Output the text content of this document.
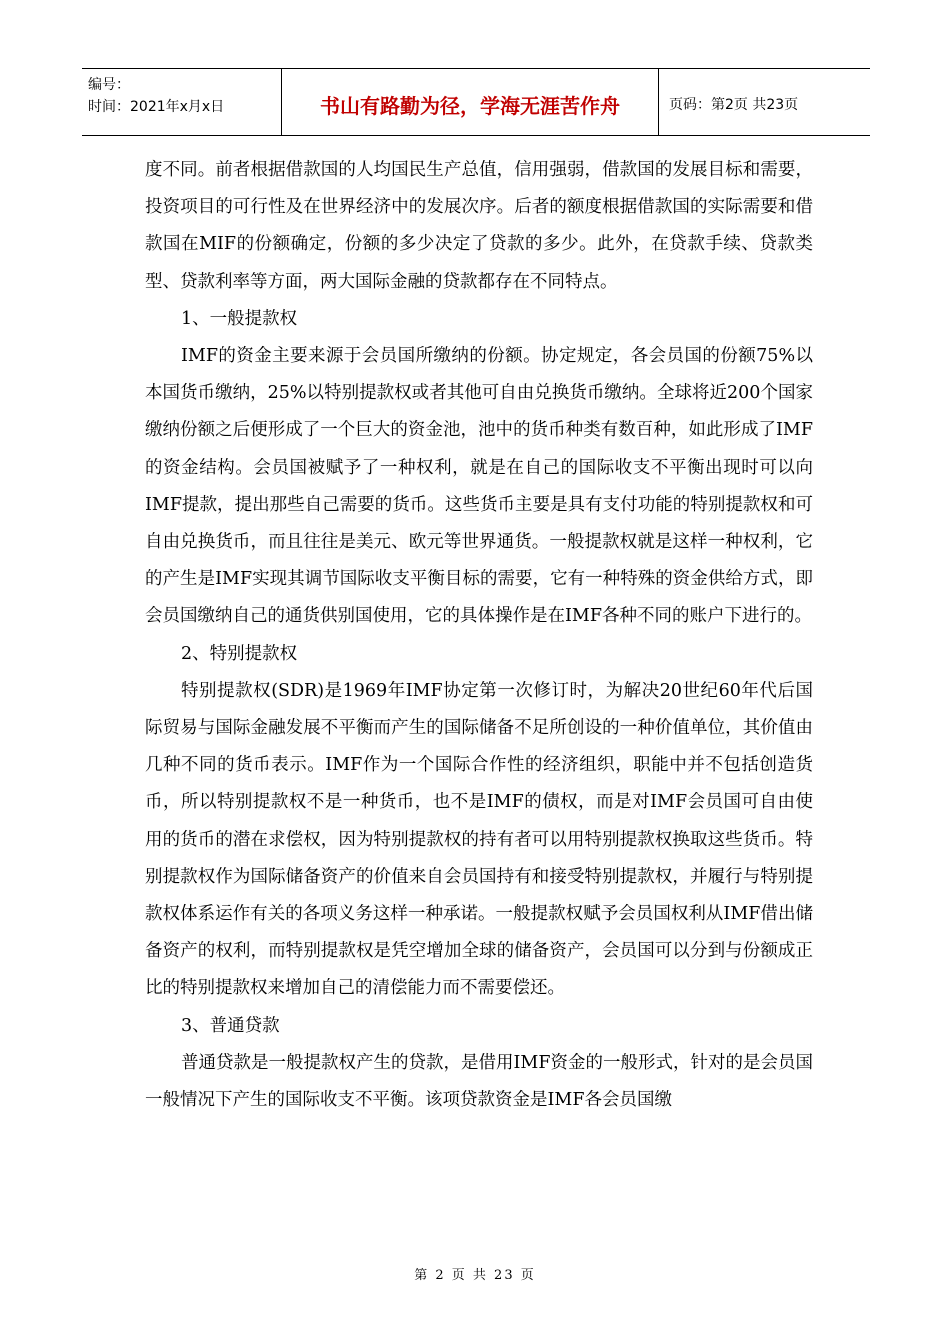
编号：
时间：2021年x月x日	书山有路勤为径，学海无涯苦作舟	页码：第2页 共23页

度不同。前者根据借款国的人均国民生产总值，信用强弱，借款国的发展目标和需要，投资项目的可行性及在世界经济中的发展次序。后者的额度根据借款国的实际需要和借款国在MIF的份额确定，份额的多少决定了贷款的多少。此外，在贷款手续、贷款类型、贷款利率等方面，两大国际金融的贷款都存在不同特点。

1、一般提款权

IMF的资金主要来源于会员国所缴纳的份额。协定规定，各会员国的份额75%以本国货币缴纳，25%以特别提款权或者其他可自由兑换货币缴纳。全球将近200个国家缴纳份额之后便形成了一个巨大的资金池，池中的货币种类有数百种，如此形成了IMF的资金结构。会员国被赋予了一种权利，就是在自己的国际收支不平衡出现时可以向IMF提款，提出那些自己需要的货币。这些货币主要是具有支付功能的特别提款权和可自由兑换货币，而且往往是美元、欧元等世界通货。一般提款权就是这样一种权利，它的产生是IMF实现其调节国际收支平衡目标的需要，它有一种特殊的资金供给方式，即会员国缴纳自己的通货供别国使用，它的具体操作是在IMF各种不同的账户下进行的。

2、特别提款权

特别提款权(SDR)是1969年IMF协定第一次修订时，为解决20世纪60年代后国际贸易与国际金融发展不平衡而产生的国际储备不足所创设的一种价值单位，其价值由几种不同的货币表示。IMF作为一个国际合作性的经济组织，职能中并不包括创造货币，所以特别提款权不是一种货币，也不是IMF的债权，而是对IMF会员国可自由使用的货币的潜在求偿权，因为特别提款权的持有者可以用特别提款权换取这些货币。特别提款权作为国际储备资产的价值来自会员国持有和接受特别提款权，并履行与特别提款权体系运作有关的各项义务这样一种承诺。一般提款权赋予会员国权利从IMF借出储备资产的权利，而特别提款权是凭空增加全球的储备资产，会员国可以分到与份额成正比的特别提款权来增加自己的清偿能力而不需要偿还。

3、普通贷款

普通贷款是一般提款权产生的贷款，是借用IMF资金的一般形式，针对的是会员国一般情况下产生的国际收支不平衡。该项贷款资金是IMF各会员国缴

第 2 页 共 23 页
